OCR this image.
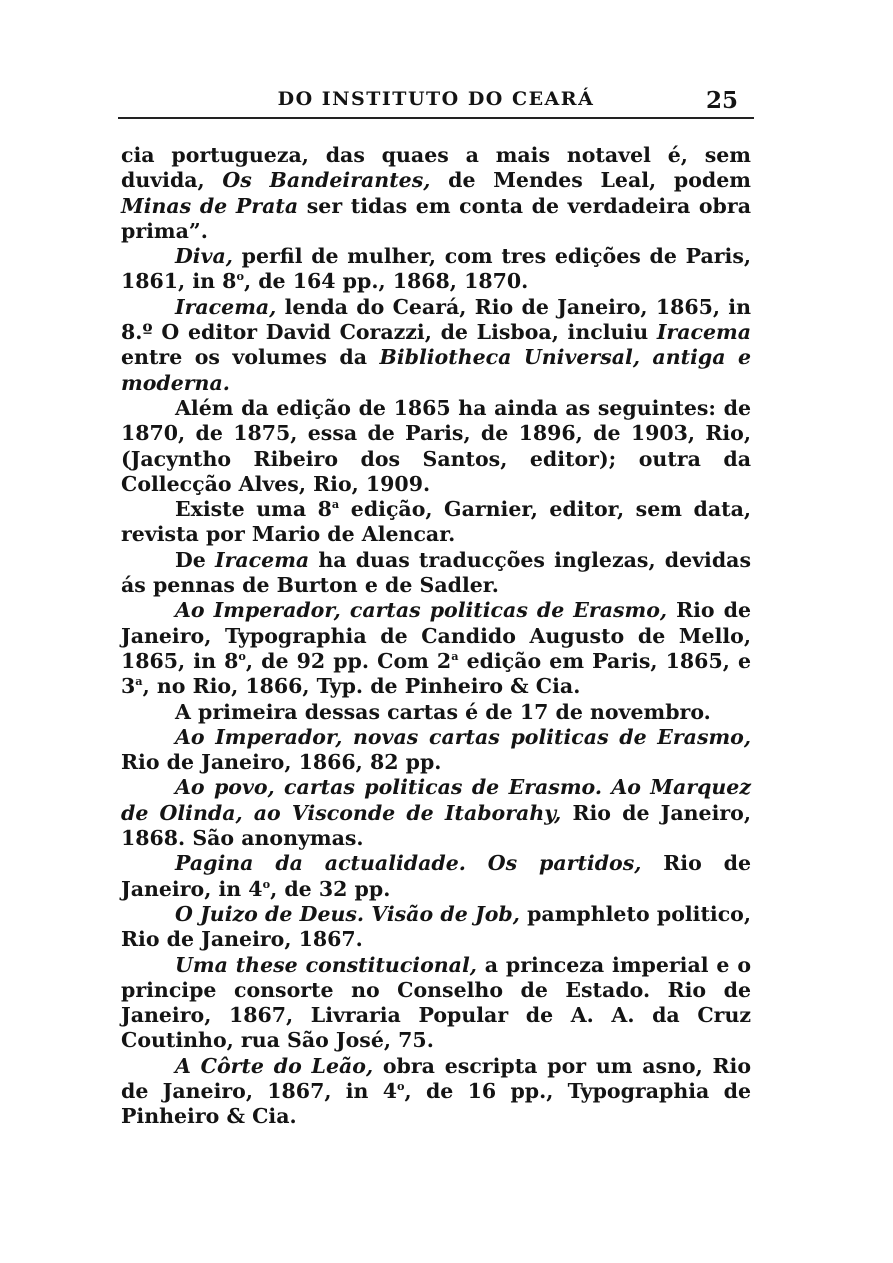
DO INSTITUTO DO CEARÁ	25

cia portugueza, das quaes a mais notavel é, sem duvida, Os Bandeirantes, de Mendes Leal, podem Minas de Prata ser tidas em conta de verdadeira obra prima”.

Diva, perfil de mulher, com tres edições de Paris, 1861, in 8$^o$, de 164 pp., 1868, 1870.

Iracema, lenda do Ceará, Rio de Janeiro, 1865, in 8.º O editor David Corazzi, de Lisboa, incluiu Iracema entre os volumes da Bibliotheca Universal, antiga e moderna.

Além da edição de 1865 ha ainda as seguintes: de 1870, de 1875, essa de Paris, de 1896, de 1903, Rio, (Jacyntho Ribeiro dos Santos, editor); outra da Collecção Alves, Rio, 1909.

Existe uma 8$^a$ edição, Garnier, editor, sem data, revista por Mario de Alencar.

De Iracema ha duas traducções inglezas, devidas ás pennas de Burton e de Sadler.

Ao Imperador, cartas politicas de Erasmo, Rio de Janeiro, Typographia de Candido Augusto de Mello, 1865, in 8$^o$, de 92 pp. Com 2$^a$ edição em Paris, 1865, e 3$^a$, no Rio, 1866, Typ. de Pinheiro & Cia.

A primeira dessas cartas é de 17 de novembro.

Ao Imperador, novas cartas politicas de Erasmo, Rio de Janeiro, 1866, 82 pp.

Ao povo, cartas politicas de Erasmo. Ao Marquez de Olinda, ao Visconde de Itaborahy, Rio de Janeiro, 1868. São anonymas.

Pagina da actualidade. Os partidos, Rio de Janeiro, in 4$^o$, de 32 pp.

O Juizo de Deus. Visão de Job, pamphleto politico, Rio de Janeiro, 1867.

Uma these constitucional, a princeza imperial e o principe consorte no Conselho de Estado. Rio de Janeiro, 1867, Livraria Popular de A. A. da Cruz Coutinho, rua São José, 75.

A Côrte do Leão, obra escripta por um asno, Rio de Janeiro, 1867, in 4$^o$, de 16 pp., Typographia de Pinheiro & Cia.
